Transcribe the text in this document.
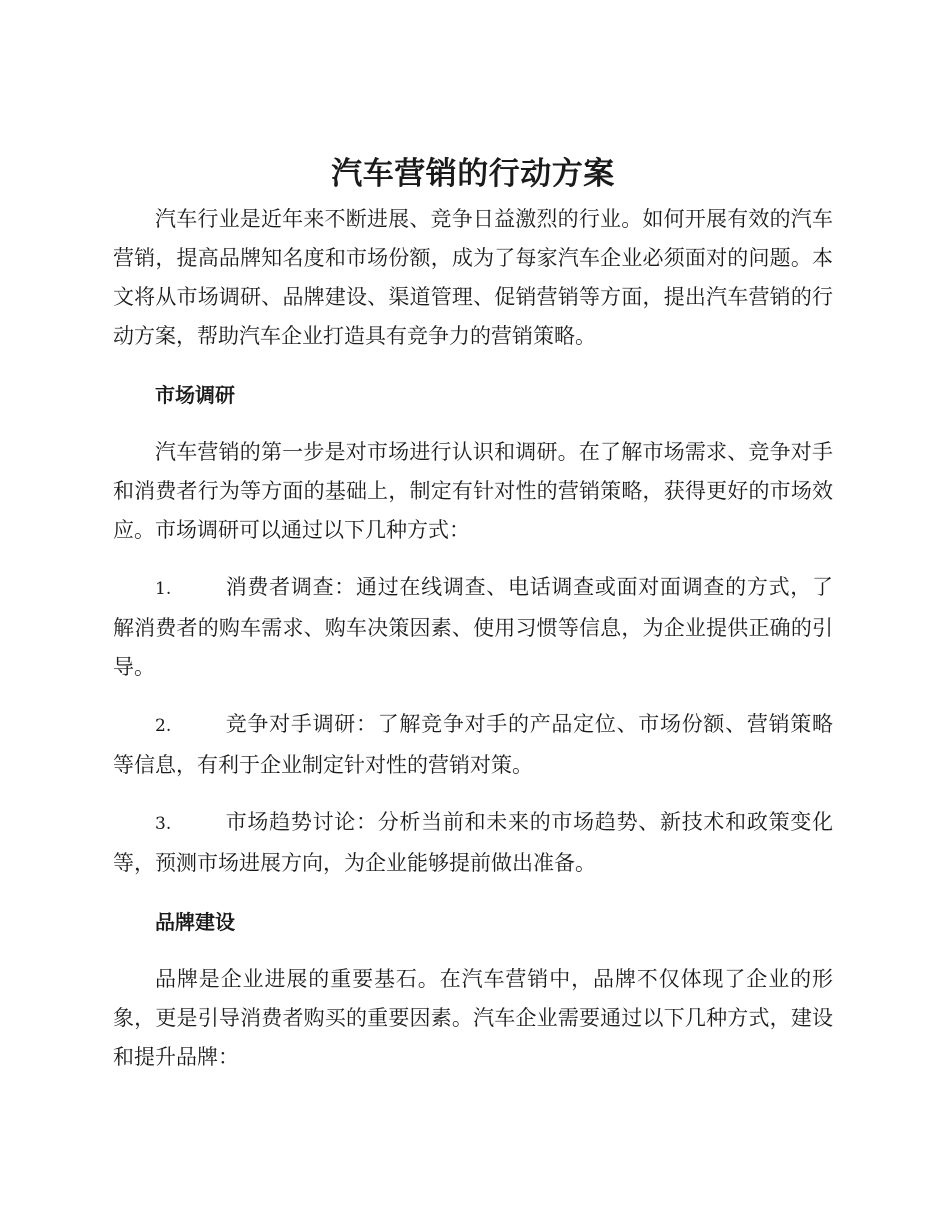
汽车营销的行动方案

汽车行业是近年来不断进展、竞争日益激烈的行业。如何开展有效的汽车营销，提高品牌知名度和市场份额，成为了每家汽车企业必须面对的问题。本文将从市场调研、品牌建设、渠道管理、促销营销等方面，提出汽车营销的行动方案，帮助汽车企业打造具有竞争力的营销策略。

市场调研

汽车营销的第一步是对市场进行认识和调研。在了解市场需求、竞争对手和消费者行为等方面的基础上，制定有针对性的营销策略，获得更好的市场效应。市场调研可以通过以下几种方式：

1.	消费者调查：通过在线调查、电话调查或面对面调查的方式，了解消费者的购车需求、购车决策因素、使用习惯等信息，为企业提供正确的引导。

2.	竞争对手调研：了解竞争对手的产品定位、市场份额、营销策略等信息，有利于企业制定针对性的营销对策。

3.	市场趋势讨论：分析当前和未来的市场趋势、新技术和政策变化等，预测市场进展方向，为企业能够提前做出准备。

品牌建设

品牌是企业进展的重要基石。在汽车营销中，品牌不仅体现了企业的形象，更是引导消费者购买的重要因素。汽车企业需要通过以下几种方式，建设和提升品牌：
